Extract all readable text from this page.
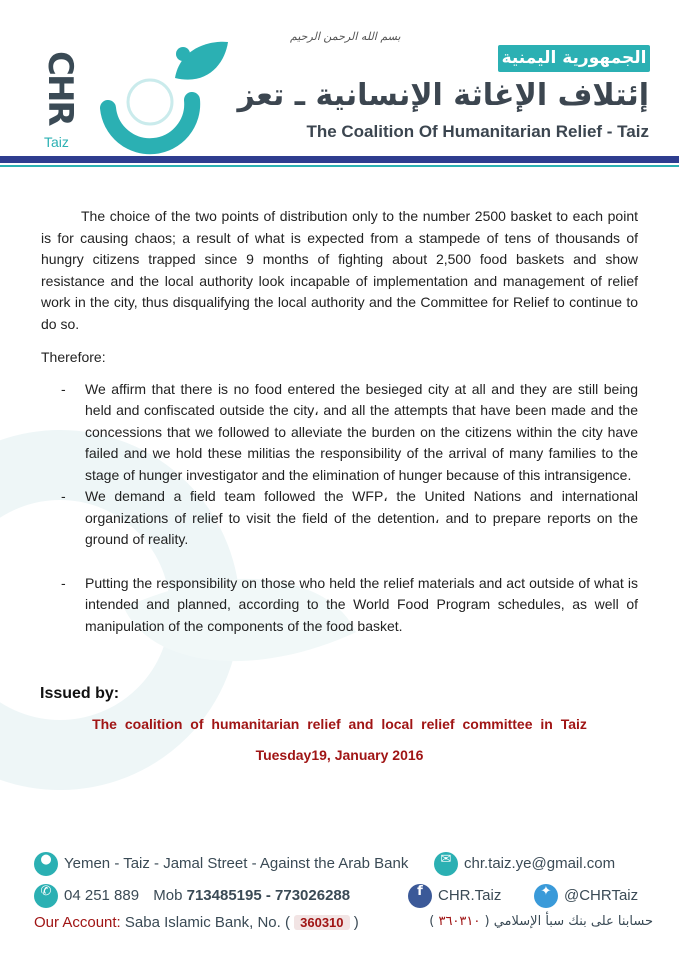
CHR
Taiz
بسم الله الرحمن الرحيم
الجمهورية اليمنية
إئتلاف الإغاثة الإنسانية ـ تعز
The Coalition Of Humanitarian Relief - Taiz

The choice of the two points of distribution only to the number 2500 basket to each point is for causing chaos; a result of what is expected from a stampede of tens of thousands of hungry citizens trapped since 9 months of fighting about 2,500 food baskets and show resistance and the local authority look incapable of implementation and management of relief work in the city, thus disqualifying the local authority and the Committee for Relief to continue to do so.

Therefore:

- We affirm that there is no food entered the besieged city at all and they are still being held and confiscated outside the city، and all the attempts that have been made and the concessions that we followed to alleviate the burden on the citizens within the city have failed and we hold these militias the responsibility of the arrival of many families to the stage of hunger investigator and the elimination of hunger because of this intransigence.
- We demand a field team followed the WFP، the United Nations and international organizations of relief to visit the field of the detention، and to prepare reports on the ground of reality.
- Putting the responsibility on those who held the relief materials and act outside of what is intended and planned, according to the World Food Program schedules, as well of manipulation of the components of the food basket.
Issued by:
The coalition of humanitarian relief and local relief committee in Taiz
Tuesday19, January 2016
● Yemen - Taiz - Jamal Street - Against the Arab Bank	✉ chr.taiz.ye@gmail.com
✆ 04 251 889 Mob 713485195 - 773026288	f CHR.Taiz	✦ @CHRTaiz
Our Account: Saba Islamic Bank, No. ( 360310 )	حسابنا على بنك سبأ الإسلامي ( ٣٦٠٣١٠ )
